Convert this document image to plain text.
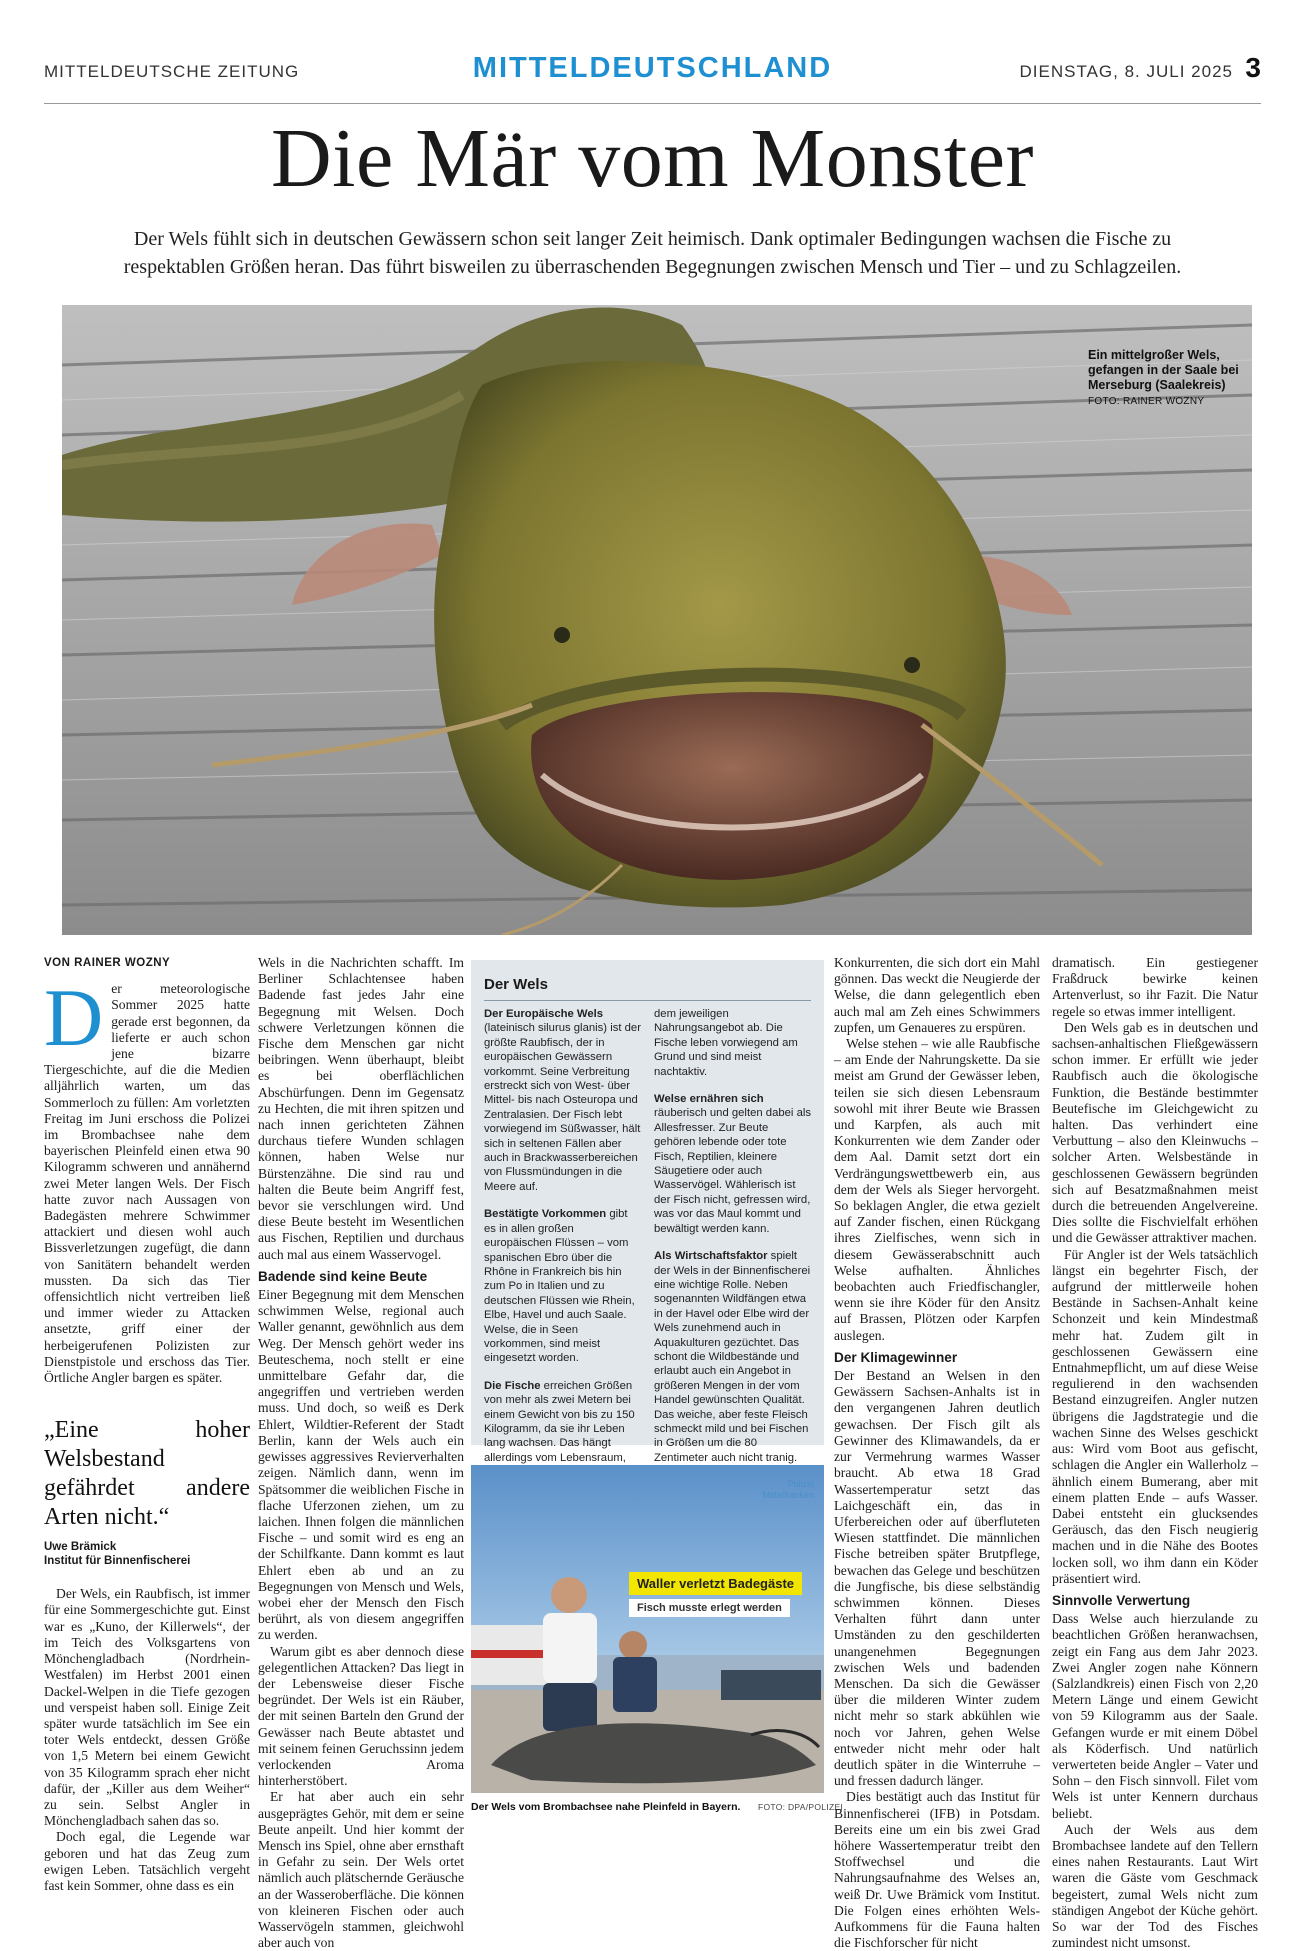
MITTELDEUTSCHE ZEITUNG	MITTELDEUTSCHLAND	DIENSTAG, 8. JULI 2025 3
Die Mär vom Monster
Der Wels fühlt sich in deutschen Gewässern schon seit langer Zeit heimisch. Dank optimaler Bedingungen wachsen die Fische zu respektablen Größen heran. Das führt bisweilen zu überraschenden Begegnungen zwischen Mensch und Tier – und zu Schlagzeilen.
Ein mittelgroßer Wels, gefangen in der Saale bei Merseburg (Saalekreis) FOTO: RAINER WOZNY
VON RAINER WOZNY
D er meteorologische Sommer 2025 hatte gerade erst begonnen, da lieferte er auch schon jene bizarre Tiergeschichte, auf die die Medien alljährlich warten, um das Sommerloch zu füllen: Am vorletzten Freitag im Juni erschoss die Polizei im Brombachsee nahe dem bayerischen Pleinfeld einen etwa 90 Kilogramm schweren und annähernd zwei Meter langen Wels. Der Fisch hatte zuvor nach Aussagen von Badegästen mehrere Schwimmer attackiert und diesen wohl auch Bissverletzungen zugefügt, die dann von Sanitätern behandelt werden mussten. Da sich das Tier offensichtlich nicht vertreiben ließ und immer wieder zu Attacken ansetzte, griff einer der herbeigerufenen Polizisten zur Dienstpistole und erschoss das Tier. Örtliche Angler bargen es später.

„Eine hoher Welsbestand gefährdet andere Arten nicht.“
Uwe Brämick
Institut für Binnenfischerei

Der Wels, ein Raubfisch, ist immer für eine Sommergeschichte gut. Einst war es „Kuno, der Killerwels“, der im Teich des Volksgartens von Mönchengladbach (Nordrhein-Westfalen) im Herbst 2001 einen Dackel-Welpen in die Tiefe gezogen und verspeist haben soll. Einige Zeit später wurde tatsächlich im See ein toter Wels entdeckt, dessen Größe von 1,5 Metern bei einem Gewicht von 35 Kilogramm sprach eher nicht dafür, der „Killer aus dem Weiher“ zu sein. Selbst Angler in Mönchengladbach sahen das so.

Doch egal, die Legende war geboren und hat das Zeug zum ewigen Leben. Tatsächlich vergeht fast kein Sommer, ohne dass es ein

Wels in die Nachrichten schafft. Im Berliner Schlachtensee haben Badende fast jedes Jahr eine Begegnung mit Welsen. Doch schwere Verletzungen können die Fische dem Menschen gar nicht beibringen. Wenn überhaupt, bleibt es bei oberflächlichen Abschürfungen. Denn im Gegensatz zu Hechten, die mit ihren spitzen und nach innen gerichteten Zähnen durchaus tiefere Wunden schlagen können, haben Welse nur Bürstenzähne. Die sind rau und halten die Beute beim Angriff fest, bevor sie verschlungen wird. Und diese Beute besteht im Wesentlichen aus Fischen, Reptilien und durchaus auch mal aus einem Wasservogel.

Badende sind keine Beute

Einer Begegnung mit dem Menschen schwimmen Welse, regional auch Waller genannt, gewöhnlich aus dem Weg. Der Mensch gehört weder ins Beuteschema, noch stellt er eine unmittelbare Gefahr dar, die angegriffen und vertrieben werden muss. Und doch, so weiß es Derk Ehlert, Wildtier-Referent der Stadt Berlin, kann der Wels auch ein gewisses aggressives Revierverhalten zeigen. Nämlich dann, wenn im Spätsommer die weiblichen Fische in flache Uferzonen ziehen, um zu laichen. Ihnen folgen die männlichen Fische – und somit wird es eng an der Schilfkante. Dann kommt es laut Ehlert eben ab und an zu Begegnungen von Mensch und Wels, wobei eher der Mensch den Fisch berührt, als von diesem angegriffen zu werden.

Warum gibt es aber dennoch diese gelegentlichen Attacken? Das liegt in der Lebensweise dieser Fische begründet. Der Wels ist ein Räuber, der mit seinen Barteln den Grund der Gewässer nach Beute abtastet und mit seinem feinen Geruchssinn jedem verlockenden Aroma hinterherstöbert.

Er hat aber auch ein sehr ausgeprägtes Gehör, mit dem er seine Beute anpeilt. Und hier kommt der Mensch ins Spiel, ohne aber ernsthaft in Gefahr zu sein. Der Wels ortet nämlich auch plätschernde Geräusche an der Wasseroberfläche. Die können von kleineren Fischen oder auch Wasservögeln stammen, gleichwohl aber auch von

Der Wels

Der Europäische Wels (lateinisch silurus glanis) ist der größte Raubfisch, der in europäischen Gewässern vorkommt. Seine Verbreitung erstreckt sich von West- über Mittel- bis nach Osteuropa und Zentralasien. Der Fisch lebt vorwiegend im Süßwasser, hält sich in seltenen Fällen aber auch in Brackwasserbereichen von Flussmündungen in die Meere auf.

Bestätigte Vorkommen gibt es in allen großen europäischen Flüssen – vom spanischen Ebro über die Rhône in Frankreich bis hin zum Po in Italien und zu deutschen Flüssen wie Rhein, Elbe, Havel und auch Saale. Welse, die in Seen vorkommen, sind meist eingesetzt worden.

Die Fische erreichen Größen von mehr als zwei Metern bei einem Gewicht von bis zu 150 Kilogramm, da sie ihr Leben lang wachsen. Das hängt allerdings vom Lebensraum,

dem jeweiligen Nahrungsangebot ab. Die Fische leben vorwiegend am Grund und sind meist nachtaktiv.

Welse ernähren sich räuberisch und gelten dabei als Allesfresser. Zur Beute gehören lebende oder tote Fisch, Reptilien, kleinere Säugetiere oder auch Wasservögel. Wählerisch ist der Fisch nicht, gefressen wird, was vor das Maul kommt und bewältigt werden kann.

Als Wirtschaftsfaktor spielt der Wels in der Binnenfischerei eine wichtige Rolle. Neben sogenannten Wildfängen etwa in der Havel oder Elbe wird der Wels zunehmend auch in Aquakulturen gezüchtet. Das schont die Wildbestände und erlaubt auch ein Angebot in größeren Mengen in der vom Handel gewünschten Qualität. Das weiche, aber feste Fleisch schmeckt mild und bei Fischen in Größen um die 80 Zentimeter auch nicht tranig.

Polizei
Mittelfranken
Waller verletzt Badegäste
Fisch musste erlegt werden
Der Wels vom Brombachsee nahe Pleinfeld in Bayern. FOTO: DPA/POLIZEI

Konkurrenten, die sich dort ein Mahl gönnen. Das weckt die Neugierde der Welse, die dann gelegentlich eben auch mal am Zeh eines Schwimmers zupfen, um Genaueres zu erspüren.

Welse stehen – wie alle Raubfische – am Ende der Nahrungskette. Da sie meist am Grund der Gewässer leben, teilen sie sich diesen Lebensraum sowohl mit ihrer Beute wie Brassen und Karpfen, als auch mit Konkurrenten wie dem Zander oder dem Aal. Damit setzt dort ein Verdrängungswettbewerb ein, aus dem der Wels als Sieger hervorgeht. So beklagen Angler, die etwa gezielt auf Zander fischen, einen Rückgang ihres Zielfisches, wenn sich in diesem Gewässerabschnitt auch Welse aufhalten. Ähnliches beobachten auch Friedfischangler, wenn sie ihre Köder für den Ansitz auf Brassen, Plötzen oder Karpfen auslegen.

Der Klimagewinner

Der Bestand an Welsen in den Gewässern Sachsen-Anhalts ist in den vergangenen Jahren deutlich gewachsen. Der Fisch gilt als Gewinner des Klimawandels, da er zur Vermehrung warmes Wasser braucht. Ab etwa 18 Grad Wassertemperatur setzt das Laichgeschäft ein, das in Uferbereichen oder auf überfluteten Wiesen stattfindet. Die männlichen Fische betreiben später Brutpflege, bewachen das Gelege und beschützen die Jungfische, bis diese selbständig schwimmen können. Dieses Verhalten führt dann unter Umständen zu den geschilderten unangenehmen Begegnungen zwischen Wels und badenden Menschen. Da sich die Gewässer über die milderen Winter zudem nicht mehr so stark abkühlen wie noch vor Jahren, gehen Welse entweder nicht mehr oder halt deutlich später in die Winterruhe – und fressen dadurch länger.

Dies bestätigt auch das Institut für Binnenfischerei (IFB) in Potsdam. Bereits eine um ein bis zwei Grad höhere Wassertemperatur treibt den Stoffwechsel und die Nahrungsaufnahme des Welses an, weiß Dr. Uwe Brämick vom Institut. Die Folgen eines erhöhten Wels-Aufkommens für die Fauna halten die Fischforscher für nicht

dramatisch. Ein gestiegener Fraßdruck bewirke keinen Artenverlust, so ihr Fazit. Die Natur regele so etwas immer intelligent.

Den Wels gab es in deutschen und sachsen-anhaltischen Fließgewässern schon immer. Er erfüllt wie jeder Raubfisch auch die ökologische Funktion, die Bestände bestimmter Beutefische im Gleichgewicht zu halten. Das verhindert eine Verbuttung – also den Kleinwuchs – solcher Arten. Welsbestände in geschlossenen Gewässern begründen sich auf Besatzmaßnahmen meist durch die betreuenden Angelvereine. Dies sollte die Fischvielfalt erhöhen und die Gewässer attraktiver machen.

Für Angler ist der Wels tatsächlich längst ein begehrter Fisch, der aufgrund der mittlerweile hohen Bestände in Sachsen-Anhalt keine Schonzeit und kein Mindestmaß mehr hat. Zudem gilt in geschlossenen Gewässern eine Entnahmepflicht, um auf diese Weise regulierend in den wachsenden Bestand einzugreifen. Angler nutzen übrigens die Jagdstrategie und die wachen Sinne des Welses geschickt aus: Wird vom Boot aus gefischt, schlagen die Angler ein Wallerholz – ähnlich einem Bumerang, aber mit einem platten Ende – aufs Wasser. Dabei entsteht ein glucksendes Geräusch, das den Fisch neugierig machen und in die Nähe des Bootes locken soll, wo ihm dann ein Köder präsentiert wird.

Sinnvolle Verwertung

Dass Welse auch hierzulande zu beachtlichen Größen heranwachsen, zeigt ein Fang aus dem Jahr 2023. Zwei Angler zogen nahe Könnern (Salzlandkreis) einen Fisch von 2,20 Metern Länge und einem Gewicht von 59 Kilogramm aus der Saale. Gefangen wurde er mit einem Döbel als Köderfisch. Und natürlich verwerteten beide Angler – Vater und Sohn – den Fisch sinnvoll. Filet vom Wels ist unter Kennern durchaus beliebt.

Auch der Wels aus dem Brombachsee landete auf den Tellern eines nahen Restaurants. Laut Wirt waren die Gäste vom Geschmack begeistert, zumal Wels nicht zum ständigen Angebot der Küche gehört. So war der Tod des Fisches zumindest nicht umsonst.
